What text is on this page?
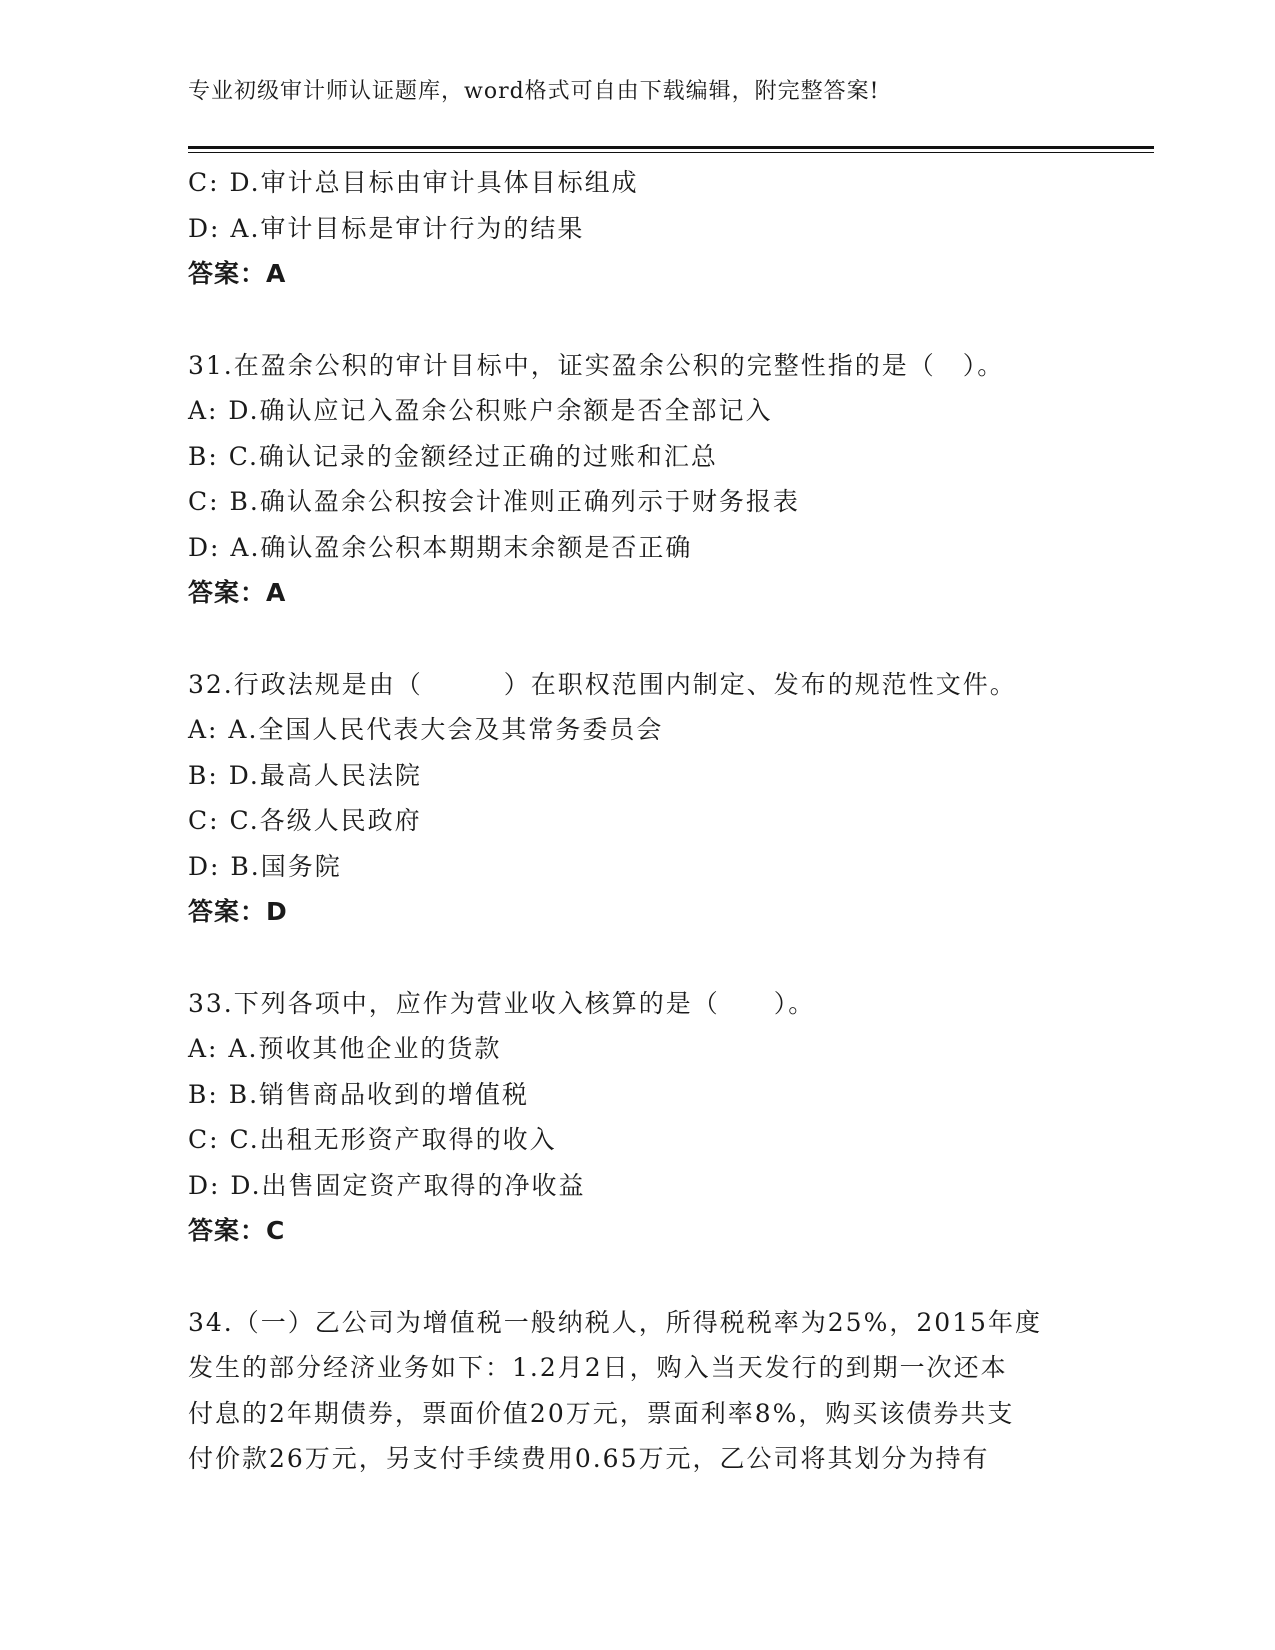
专业初级审计师认证题库，word格式可自由下载编辑，附完整答案!
C: D.审计总目标由审计具体目标组成
D: A.审计目标是审计行为的结果
答案：A
31.在盈余公积的审计目标中，证实盈余公积的完整性指的是（　）。
A: D.确认应记入盈余公积账户余额是否全部记入
B: C.确认记录的金额经过正确的过账和汇总
C: B.确认盈余公积按会计准则正确列示于财务报表
D: A.确认盈余公积本期期末余额是否正确
答案：A
32.行政法规是由（　　　）在职权范围内制定、发布的规范性文件。
A: A.全国人民代表大会及其常务委员会
B: D.最高人民法院
C: C.各级人民政府
D: B.国务院
答案：D
33.下列各项中，应作为营业收入核算的是（　　）。
A: A.预收其他企业的货款
B: B.销售商品收到的增值税
C: C.出租无形资产取得的收入
D: D.出售固定资产取得的净收益
答案：C
34.（一）乙公司为增值税一般纳税人，所得税税率为25%，2015年度
发生的部分经济业务如下：1.2月2日，购入当天发行的到期一次还本
付息的2年期债券，票面价值20万元，票面利率8%，购买该债券共支
付价款26万元，另支付手续费用0.65万元，乙公司将其划分为持有
